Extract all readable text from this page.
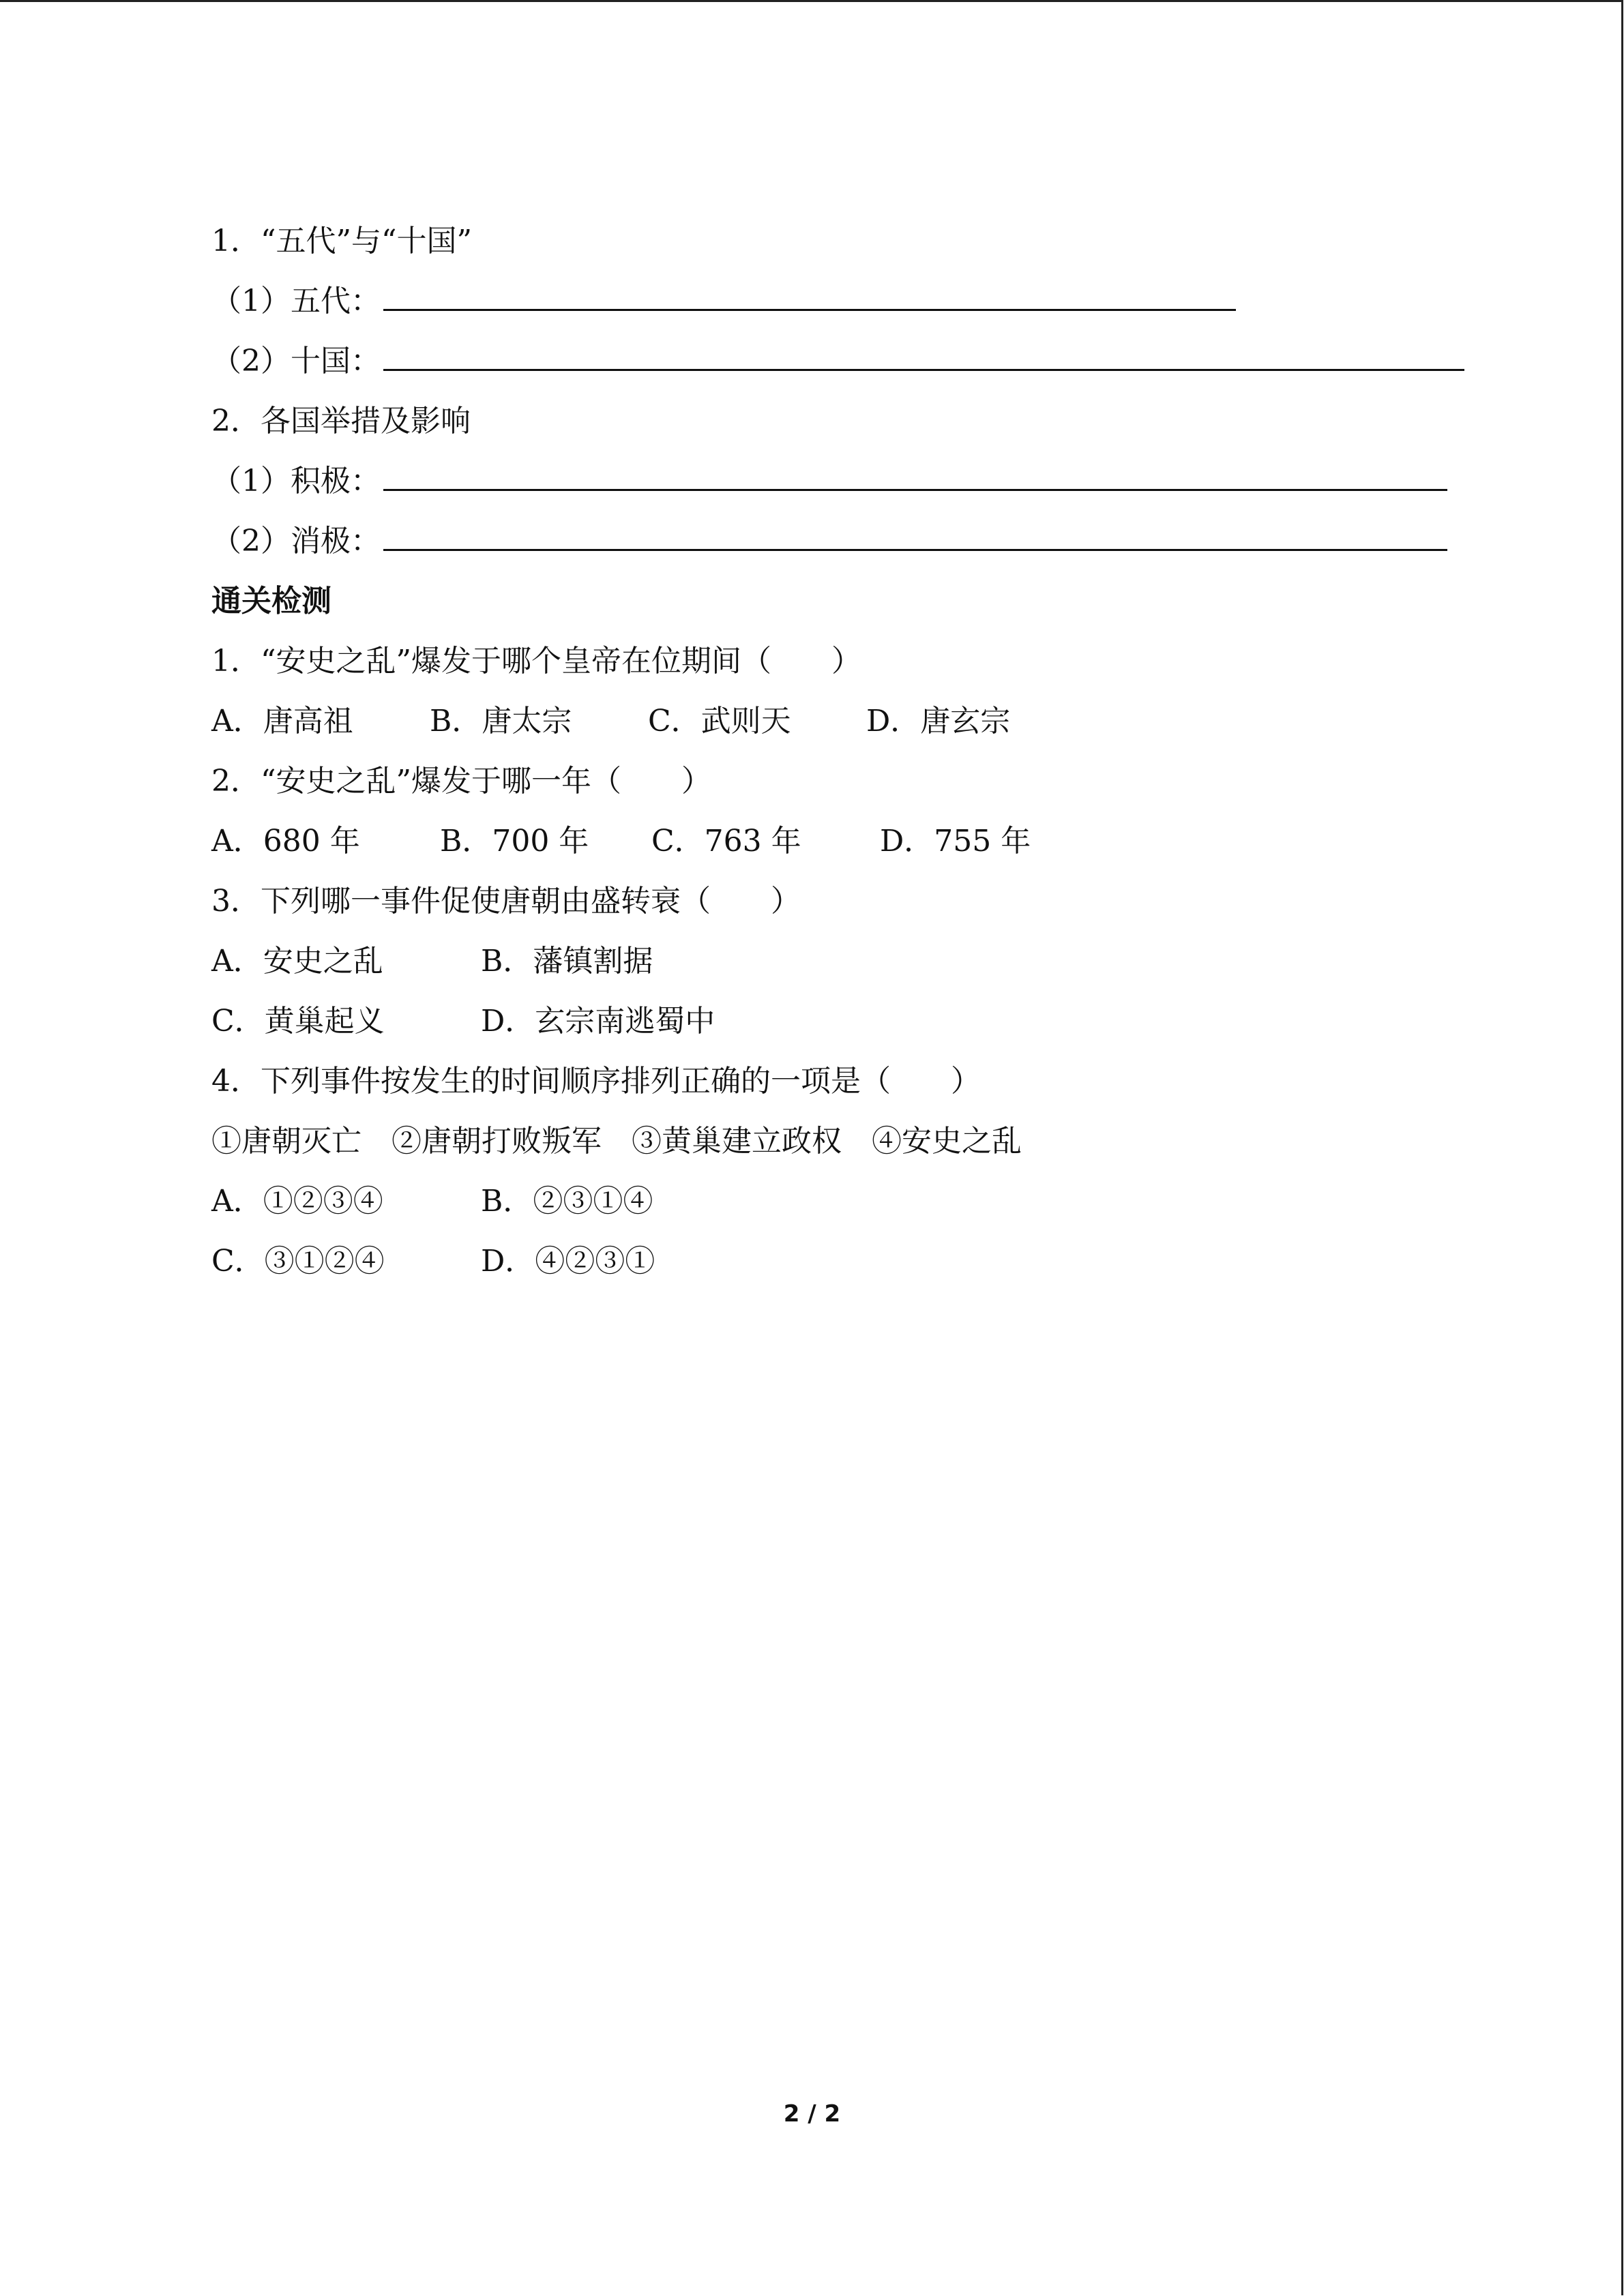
1．“五代”与“十国”
（1）五代：
（2）十国：
2．各国举措及影响
（1）积极：
（2）消极：
通关检测
1．“安史之乱”爆发于哪个皇帝在位期间（　　）
A．唐高祖	B．唐太宗	C．武则天	D．唐玄宗
2．“安史之乱”爆发于哪一年（　　）
A．680 年	B．700 年 C．763 年	D．755 年
3．下列哪一事件促使唐朝由盛转衰（　　）
A．安史之乱	B．藩镇割据
C．黄巢起义	D．玄宗南逃蜀中
4．下列事件按发生的时间顺序排列正确的一项是（　　）
①唐朝灭亡　②唐朝打败叛军　③黄巢建立政权　④安史之乱
A．①②③④	B．②③①④
C．③①②④	D．④②③①
2 / 2
